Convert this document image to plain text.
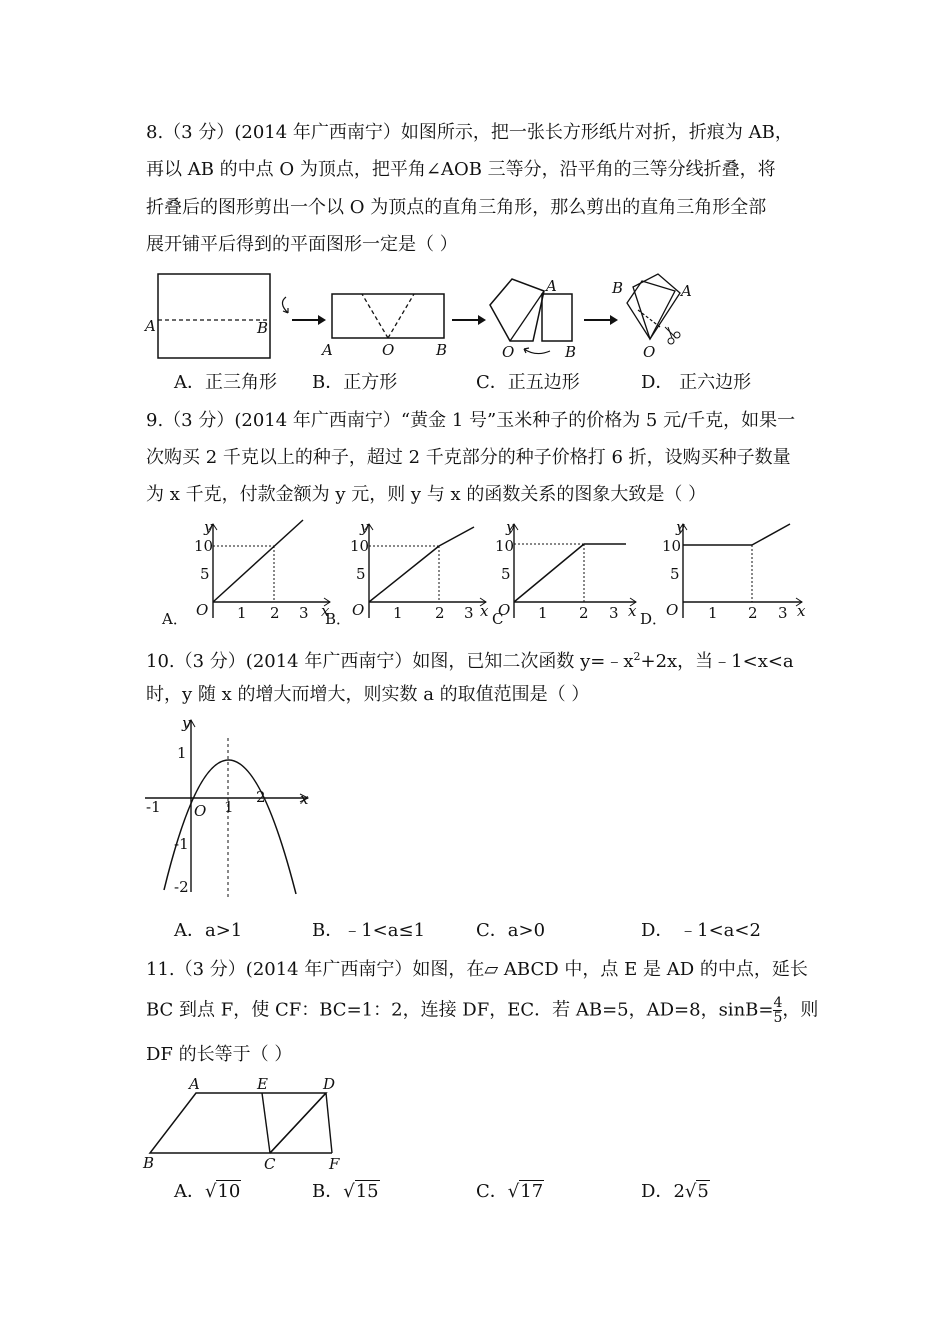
8.（3 分）(2014 年广西南宁）如图所示，把一张长方形纸片对折，折痕为 AB，
再以 AB 的中点 O 为顶点，把平角∠AOB 三等分，沿平角的三等分线折叠，将
折叠后的图形剪出一个以 O 为顶点的直角三角形，那么剪出的直角三角形全部
展开铺平后得到的平面图形一定是（ ）
A	B
A	O	B
A
O	B
B	A
O
A．正三角形 B．正方形	C．正五边形	D． 正六边形
9.（3 分）(2014 年广西南宁）“黄金 1 号”玉米种子的价格为 5 元/千克，如果一
次购买 2 千克以上的种子，超过 2 千克部分的种子价格打 6 折，设购买种子数量
为 x 千克，付款金额为 y 元，则 y 与 x 的函数关系的图象大致是（ ）
y
x
O 1 2 3
10
5
A．
y
x
O 1 2 3
10
5
B．
y
x
O 1 2 3
10
5
C
y
x
O 1 2 3
10
5
D．
10.（3 分）(2014 年广西南宁）如图，已知二次函数 $y=﹣x^2+2x$，当﹣1<x<a
时，y 随 x 的增大而增大，则实数 a 的取值范围是（ ）
y
x
O
-1	1
2
1
-1
-2
A．a>1	B．﹣1<a≤1	C．a>0	D． ﹣1<a<2
11.（3 分）(2014 年广西南宁）如图，在▱ ABCD 中，点 E 是 AD 的中点，延长
BC 到点 F，使 CF：BC=1：2，连接 DF，EC．若 AB=5，AD=8，$\sin B= \frac{4}{5}$ ，则
DF 的长等于（ ）
A	E	D
B	C	F
A．√10	B．√15	C．√17	D．2√5
